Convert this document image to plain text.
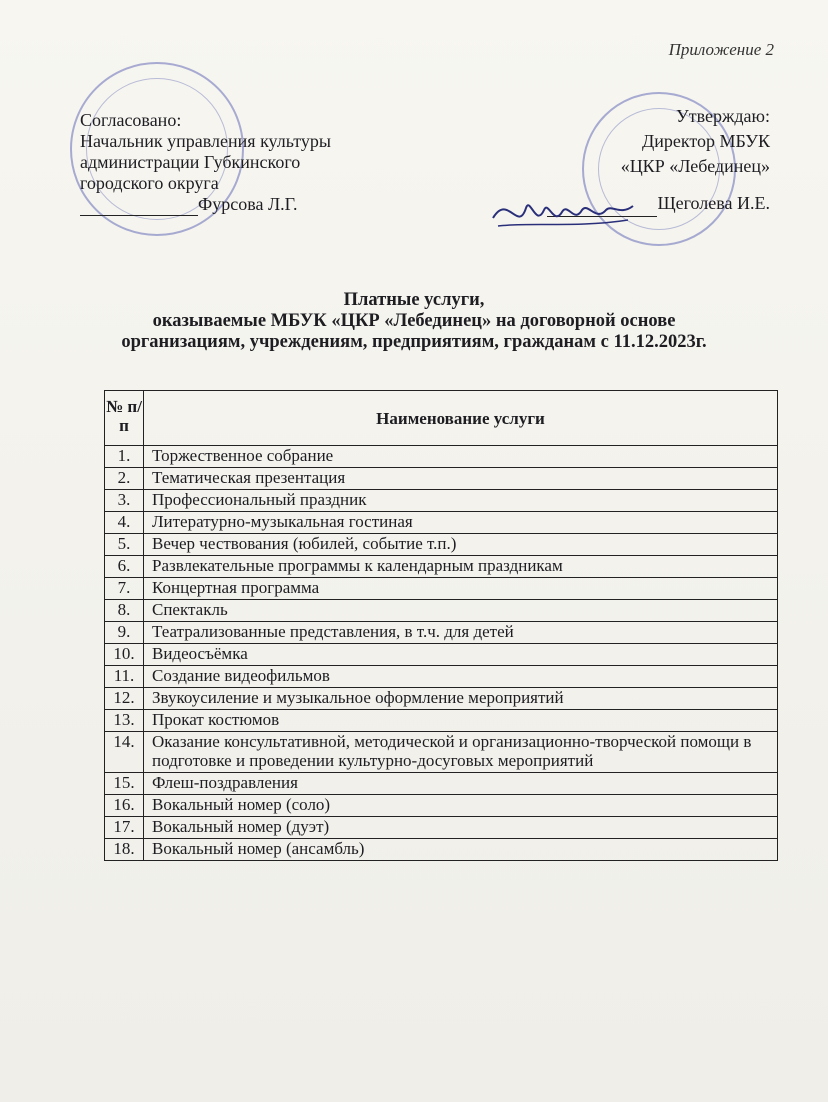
Приложение 2
Согласовано:
Начальник управления культуры
администрации Губкинского
городского округа
Фурсова Л.Г.
Утверждаю:
Директор МБУК
«ЦКР «Лебединец»
Щеголева И.Е.
Платные услуги,
оказываемые МБУК «ЦКР «Лебединец» на договорной основе
организациям, учреждениям, предприятиям, гражданам с 11.12.2023г.
№ п/п	Наименование услуги
1.	Торжественное собрание
2.	Тематическая презентация
3.	Профессиональный праздник
4.	Литературно-музыкальная гостиная
5.	Вечер чествования (юбилей, событие т.п.)
6.	Развлекательные программы к календарным праздникам
7.	Концертная программа
8.	Спектакль
9.	Театрализованные представления, в т.ч. для детей
10.	Видеосъёмка
11.	Создание видеофильмов
12.	Звукоусиление и музыкальное оформление мероприятий
13.	Прокат костюмов
14.	Оказание консультативной, методической и организационно-творческой помощи в подготовке и проведении культурно-досуговых мероприятий
15.	Флеш-поздравления
16.	Вокальный номер (соло)
17.	Вокальный номер (дуэт)
18.	Вокальный номер (ансамбль)
